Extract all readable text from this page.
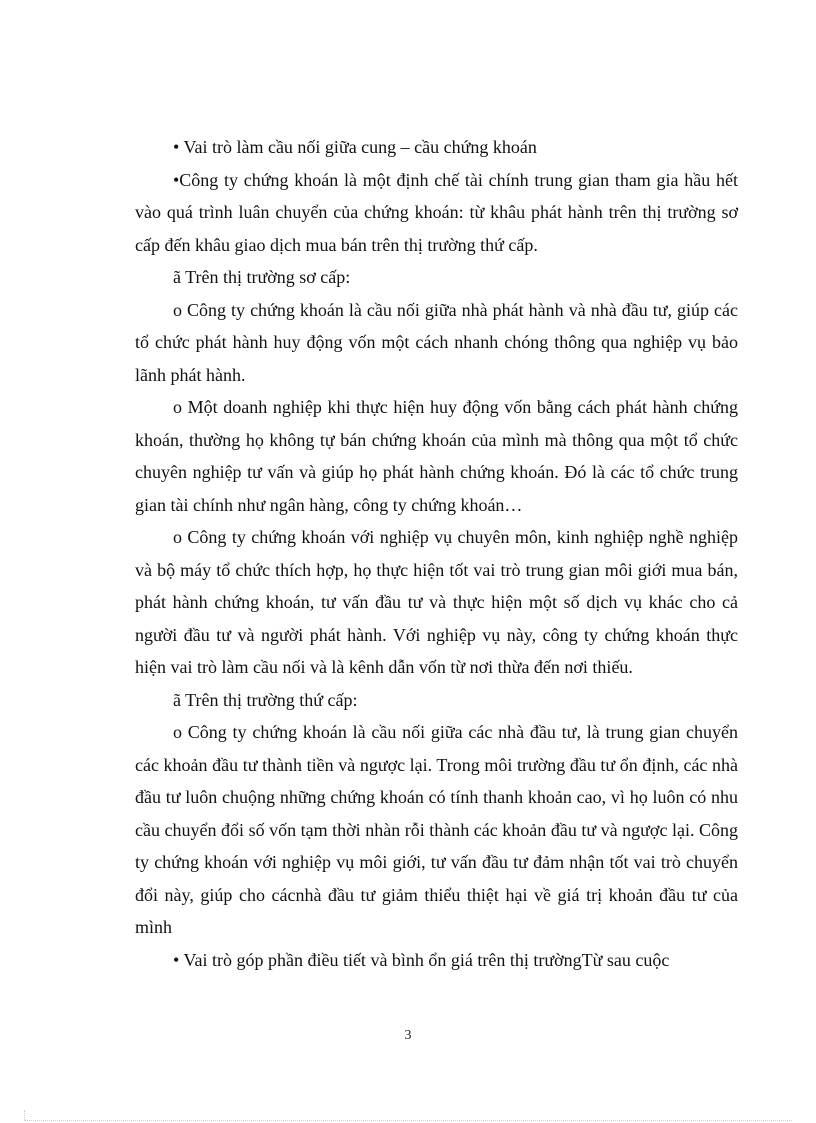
• Vai trò làm cầu nối giữa cung – cầu chứng khoán

•Công ty chứng khoán là một định chế tài chính trung gian tham gia hầu hết vào quá trình luân chuyển của chứng khoán: từ khâu phát hành trên thị trường sơ cấp đến khâu giao dịch mua bán trên thị trường thứ cấp.

ã Trên thị trường sơ cấp:

o Công ty chứng khoán là cầu nối giữa nhà phát hành và nhà đầu tư, giúp các tổ chức phát hành huy động vốn một cách nhanh chóng thông qua nghiệp vụ bảo lãnh phát hành.

o Một doanh nghiệp khi thực hiện huy động vốn bằng cách phát hành chứng khoán, thường họ không tự bán chứng khoán của mình mà thông qua một tổ chức chuyên nghiệp tư vấn và giúp họ phát hành chứng khoán. Đó là các tổ chức trung gian tài chính như ngân hàng, công ty chứng khoán…

o Công ty chứng khoán với nghiệp vụ chuyên môn, kinh nghiệp nghề nghiệp và bộ máy tổ chức thích hợp, họ thực hiện tốt vai trò trung gian môi giới mua bán, phát hành chứng khoán, tư vấn đầu tư và thực hiện một số dịch vụ khác cho cả người đầu tư và người phát hành. Với nghiệp vụ này, công ty chứng khoán thực hiện vai trò làm cầu nối và là kênh dẫn vốn từ nơi thừa đến nơi thiếu.

ã Trên thị trường thứ cấp:

o Công ty chứng khoán là cầu nối giữa các nhà đầu tư, là trung gian chuyển các khoản đầu tư thành tiền và ngược lại. Trong môi trường đầu tư ổn định, các nhà đầu tư luôn chuộng những chứng khoán có tính thanh khoản cao, vì họ luôn có nhu cầu chuyển đổi số vốn tạm thời nhàn rỗi thành các khoản đầu tư và ngược lại. Công ty chứng khoán với nghiệp vụ môi giới, tư vấn đầu tư đảm nhận tốt vai trò chuyển đổi này, giúp cho cácnhà đầu tư giảm thiểu thiệt hại về giá trị khoản đầu tư của mình

• Vai trò góp phần điều tiết và bình ổn giá trên thị trườngTừ sau cuộc

3
